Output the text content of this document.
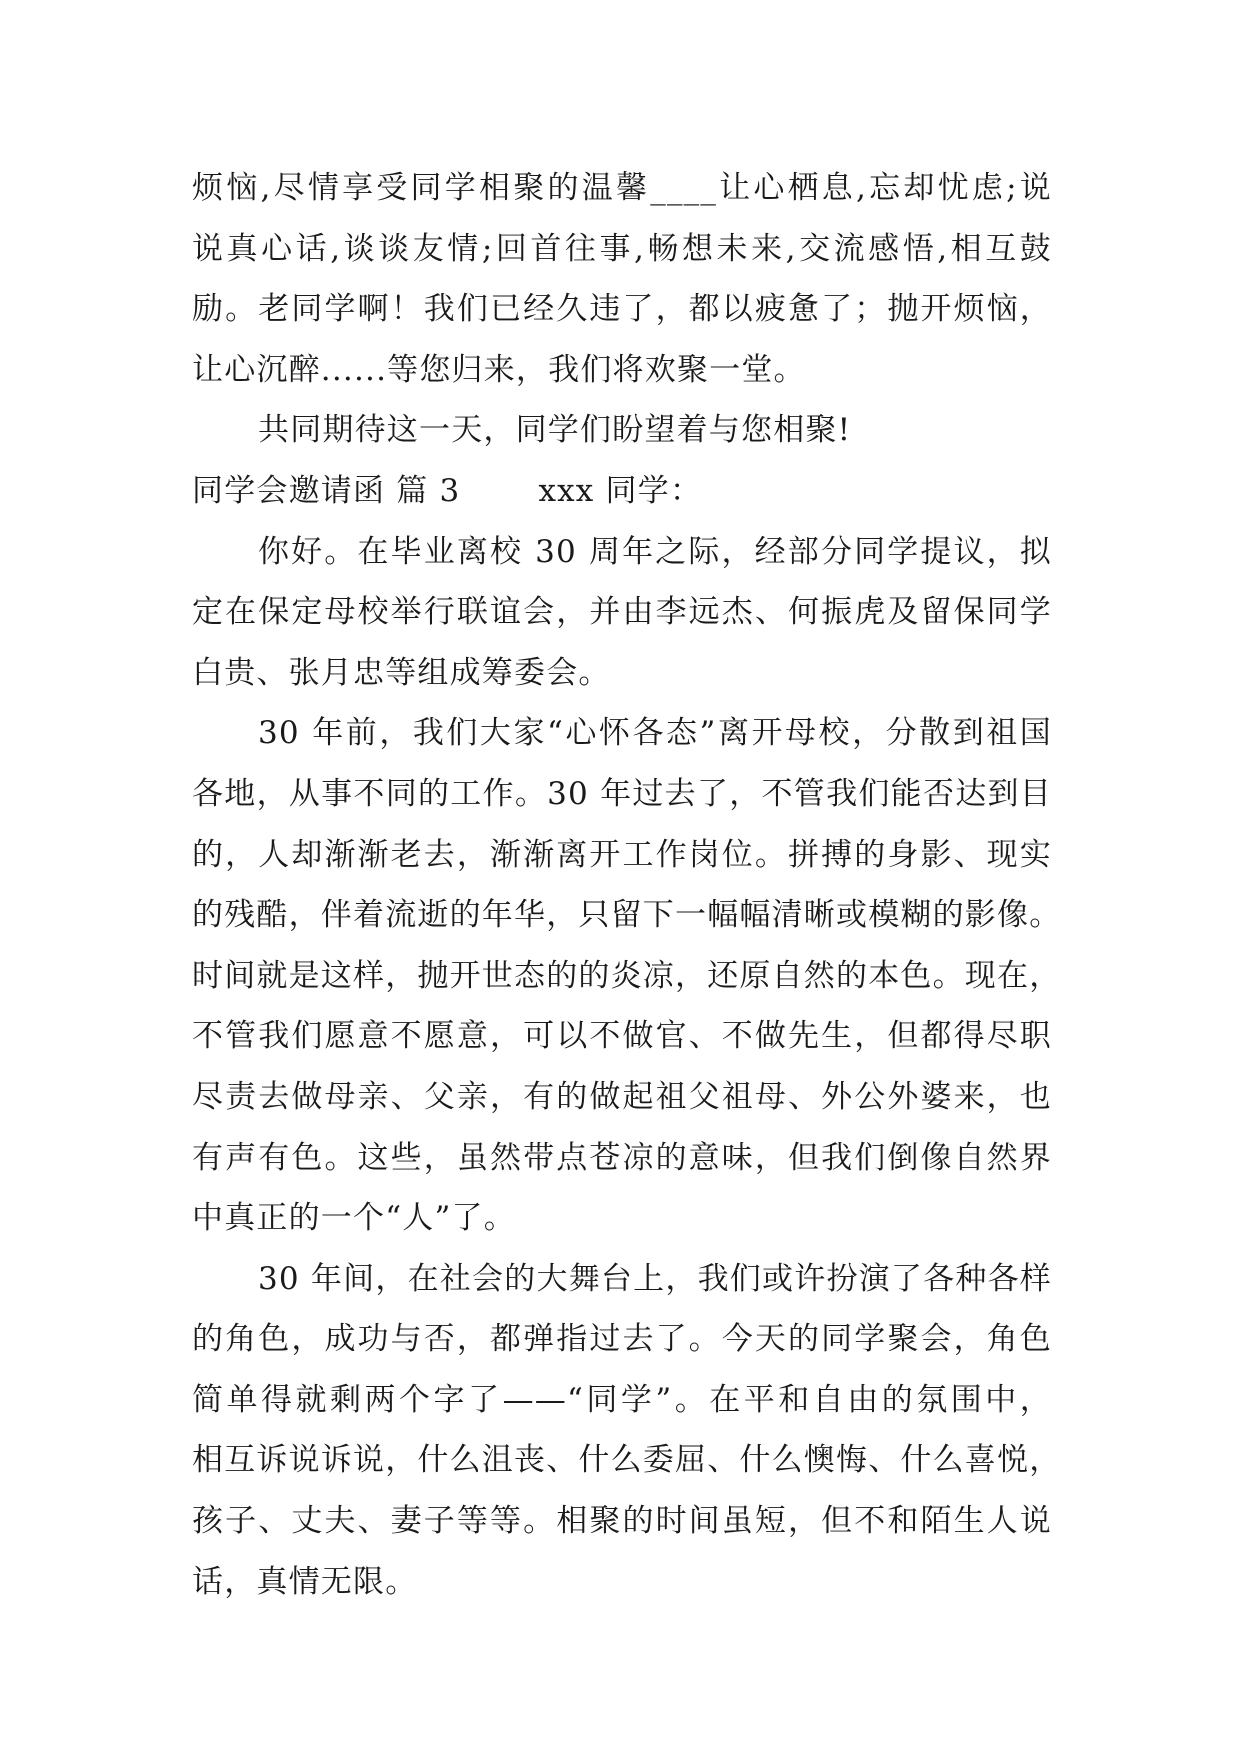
烦恼,尽情享受同学相聚的温馨____让心栖息,忘却忧虑;说
说真心话,谈谈友情;回首往事,畅想未来,交流感悟,相互鼓
励。老同学啊！我们已经久违了，都以疲惫了；抛开烦恼，
让心沉醉......等您归来，我们将欢聚一堂。
共同期待这一天，同学们盼望着与您相聚!
同学会邀请函 篇 3	xxx 同学：
你好。在毕业离校 30 周年之际，经部分同学提议，拟
定在保定母校举行联谊会，并由李远杰、何振虎及留保同学
白贵、张月忠等组成筹委会。
30 年前，我们大家“心怀各态”离开母校，分散到祖国
各地，从事不同的工作。30 年过去了，不管我们能否达到目
的，人却渐渐老去，渐渐离开工作岗位。拼搏的身影、现实
的残酷，伴着流逝的年华，只留下一幅幅清晰或模糊的影像。
时间就是这样，抛开世态的的炎凉，还原自然的本色。现在，
不管我们愿意不愿意，可以不做官、不做先生，但都得尽职
尽责去做母亲、父亲，有的做起祖父祖母、外公外婆来，也
有声有色。这些，虽然带点苍凉的意味，但我们倒像自然界
中真正的一个“人”了。
30 年间，在社会的大舞台上，我们或许扮演了各种各样
的角色，成功与否，都弹指过去了。今天的同学聚会，角色
简单得就剩两个字了——“同学”。在平和自由的氛围中，
相互诉说诉说，什么沮丧、什么委屈、什么懊悔、什么喜悦，
孩子、丈夫、妻子等等。相聚的时间虽短，但不和陌生人说
话，真情无限。
